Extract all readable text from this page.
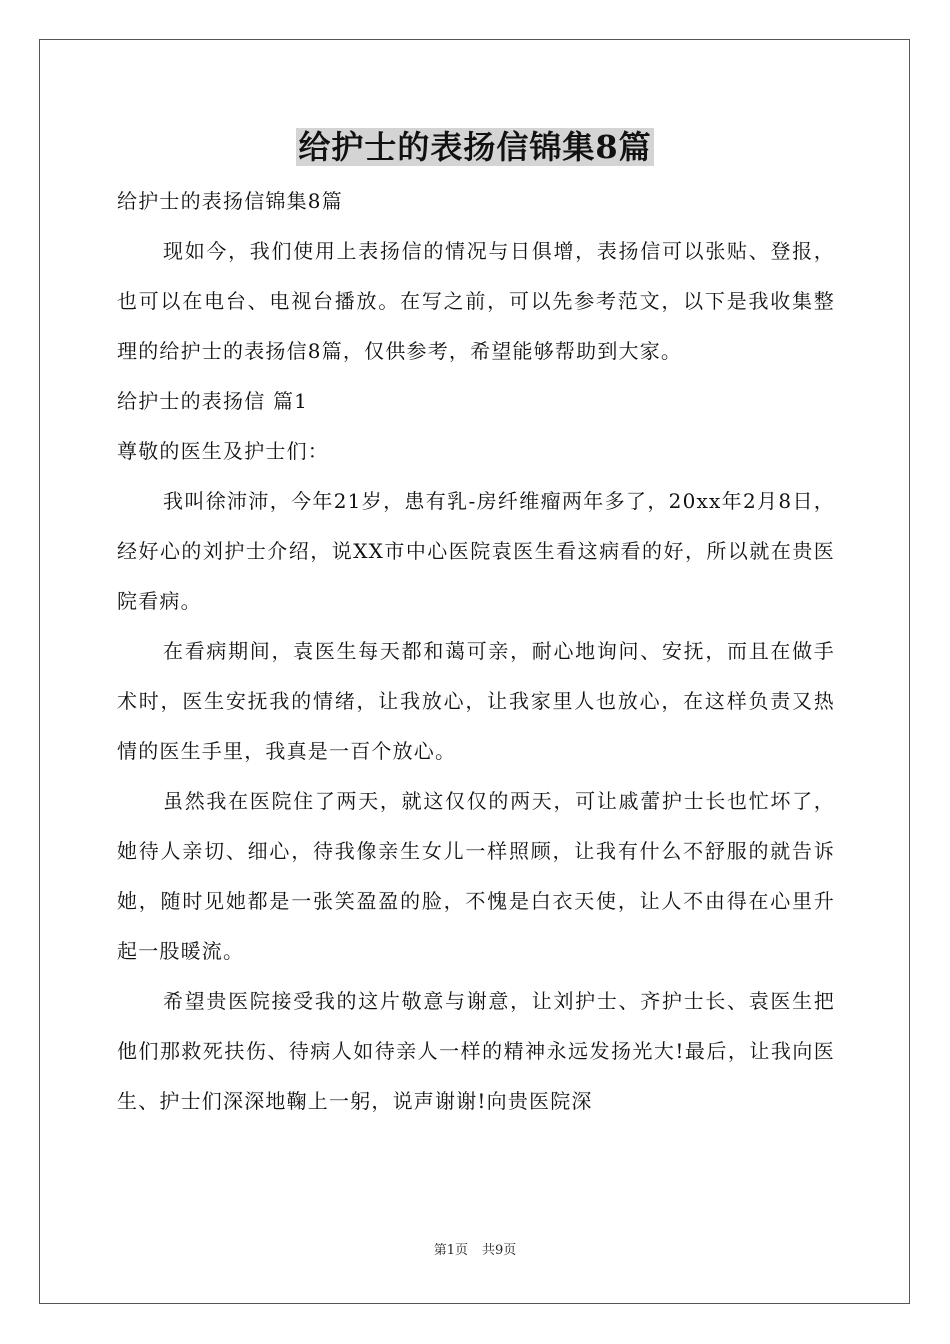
给护士的表扬信锦集8篇

给护士的表扬信锦集8篇

现如今，我们使用上表扬信的情况与日俱增，表扬信可以张贴、登报，也可以在电台、电视台播放。在写之前，可以先参考范文，以下是我收集整理的给护士的表扬信8篇，仅供参考，希望能够帮助到大家。

给护士的表扬信 篇1

尊敬的医生及护士们：

我叫徐沛沛，今年21岁，患有乳-房纤维瘤两年多了，20xx年2月8日，经好心的刘护士介绍，说XX市中心医院袁医生看这病看的好，所以就在贵医院看病。

在看病期间，袁医生每天都和蔼可亲，耐心地询问、安抚，而且在做手术时，医生安抚我的情绪，让我放心，让我家里人也放心，在这样负责又热情的医生手里，我真是一百个放心。

虽然我在医院住了两天，就这仅仅的两天，可让戚蕾护士长也忙坏了，她待人亲切、细心，待我像亲生女儿一样照顾，让我有什么不舒服的就告诉她，随时见她都是一张笑盈盈的脸，不愧是白衣天使，让人不由得在心里升起一股暖流。

希望贵医院接受我的这片敬意与谢意，让刘护士、齐护士长、袁医生把他们那救死扶伤、待病人如待亲人一样的精神永远发扬光大!最后，让我向医生、护士们深深地鞠上一躬，说声谢谢!向贵医院深

第1页 共9页
